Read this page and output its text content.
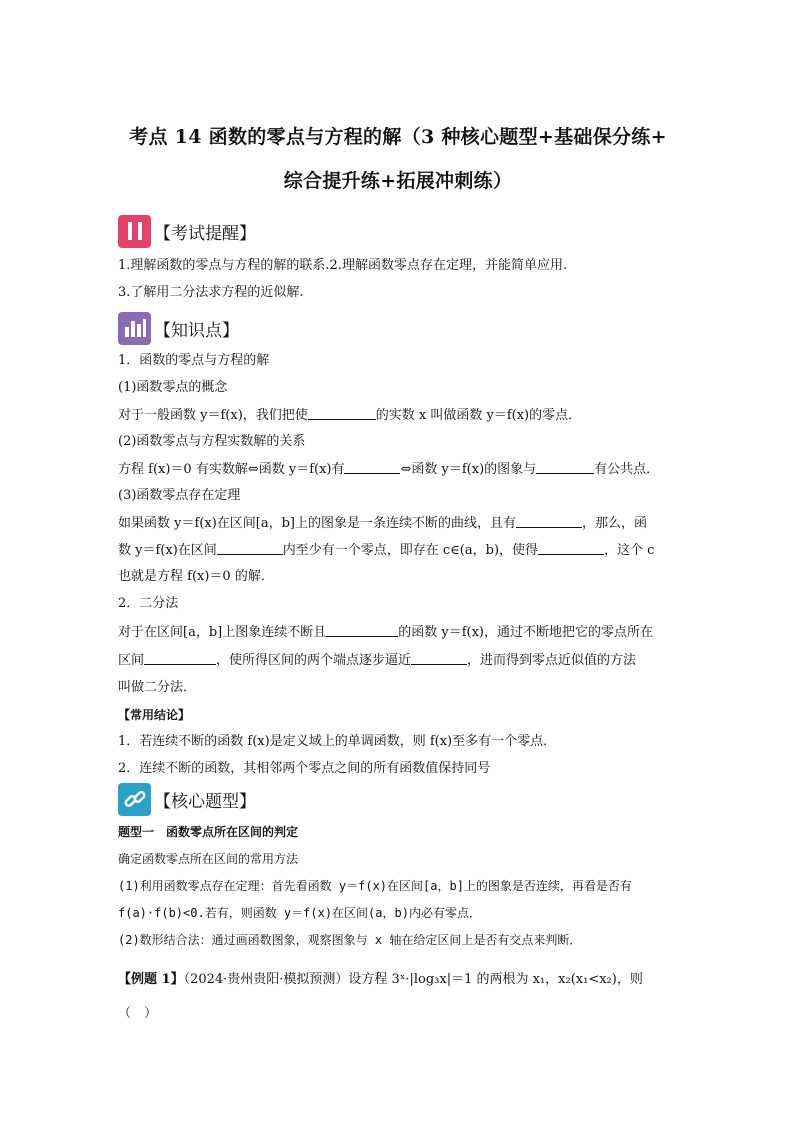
考点 14 函数的零点与方程的解（3 种核心题型+基础保分练+
综合提升练+拓展冲刺练）
【考试提醒】
1.理解函数的零点与方程的解的联系.2.理解函数零点存在定理，并能简单应用.
3.了解用二分法求方程的近似解.
【知识点】
1．函数的零点与方程的解
(1)函数零点的概念
对于一般函数 y＝f(x)，我们把使	的实数 x 叫做函数 y＝f(x)的零点．
(2)函数零点与方程实数解的关系
方程 f(x)＝0 有实数解⇔函数 y＝f(x)有	⇔函数 y＝f(x)的图象与	有公共点．
(3)函数零点存在定理
如果函数 y＝f(x)在区间[a，b]上的图象是一条连续不断的曲线，且有	，那么，函
数 y＝f(x)在区间	内至少有一个零点，即存在 c∈(a，b)，使得	，这个 c
也就是方程 f(x)＝0 的解．
2．二分法
对于在区间[a，b]上图象连续不断且	的函数 y＝f(x)，通过不断地把它的零点所在
区间	，使所得区间的两个端点逐步逼近	，进而得到零点近似值的方法
叫做二分法．
【常用结论】
1．若连续不断的函数 f(x)是定义域上的单调函数，则 f(x)至多有一个零点．
2．连续不断的函数，其相邻两个零点之间的所有函数值保持同号
【核心题型】
题型一　函数零点所在区间的判定
确定函数零点所在区间的常用方法
(1)利用函数零点存在定理：首先看函数 y＝f(x)在区间[a，b]上的图象是否连续，再看是否有
f(a)·f(b)<0.若有，则函数 y＝f(x)在区间(a，b)内必有零点．
(2)数形结合法：通过画函数图象，观察图象与 x 轴在给定区间上是否有交点来判断．
【例题 1】（2024·贵州贵阳·模拟预测）设方程 3ˣ·|log₃x|＝1 的两根为 x₁，x₂(x₁<x₂)，则
（　）
